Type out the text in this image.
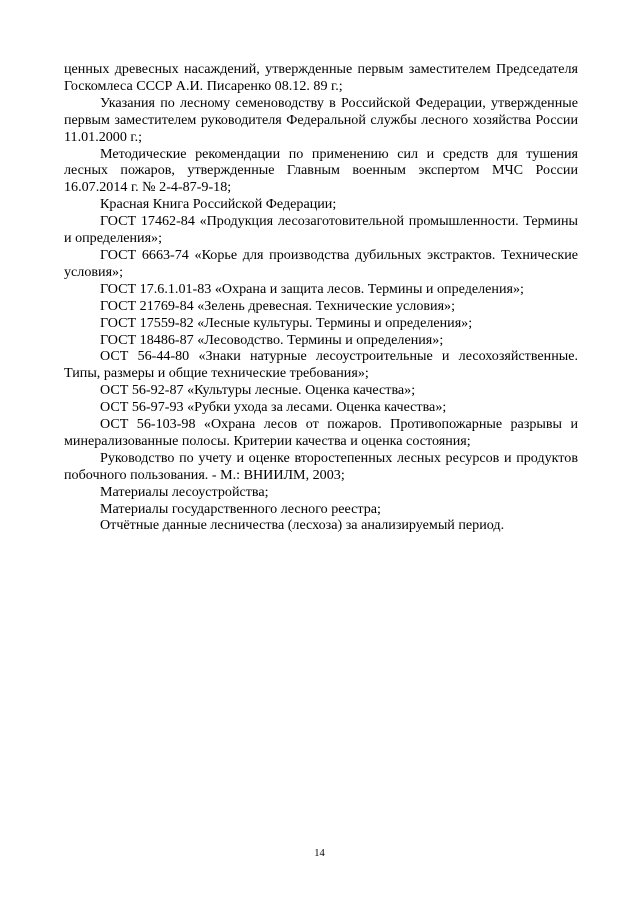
ценных древесных насаждений, утвержденные первым заместителем Председателя Госкомлеса СССР А.И. Писаренко 08.12. 89 г.;

Указания по лесному семеноводству в Российской Федерации, утвержденные первым заместителем руководителя Федеральной службы лесного хозяйства России 11.01.2000 г.;

Методические рекомендации по применению сил и средств для тушения лесных пожаров, утвержденные Главным военным экспертом МЧС России 16.07.2014 г. № 2-4-87-9-18;

Красная Книга Российской Федерации;

ГОСТ 17462-84 «Продукция лесозаготовительной промышленности. Термины и определения»;

ГОСТ 6663-74 «Корье для производства дубильных экстрактов. Технические условия»;

ГОСТ 17.6.1.01-83 «Охрана и защита лесов. Термины и определения»;

ГОСТ 21769-84 «Зелень древесная. Технические условия»;

ГОСТ 17559-82 «Лесные культуры. Термины и определения»;

ГОСТ 18486-87 «Лесоводство. Термины и определения»;

ОСТ 56-44-80 «Знаки натурные лесоустроительные и лесохозяйственные. Типы, размеры и общие технические требования»;

ОСТ 56-92-87 «Культуры лесные. Оценка качества»;

ОСТ 56-97-93 «Рубки ухода за лесами. Оценка качества»;

ОСТ 56-103-98 «Охрана лесов от пожаров. Противопожарные разрывы и минерализованные полосы. Критерии качества и оценка состояния;

Руководство по учету и оценке второстепенных лесных ресурсов и продуктов побочного пользования. - М.: ВНИИЛМ, 2003;

Материалы лесоустройства;

Материалы государственного лесного реестра;

Отчётные данные лесничества (лесхоза) за анализируемый период.

14
